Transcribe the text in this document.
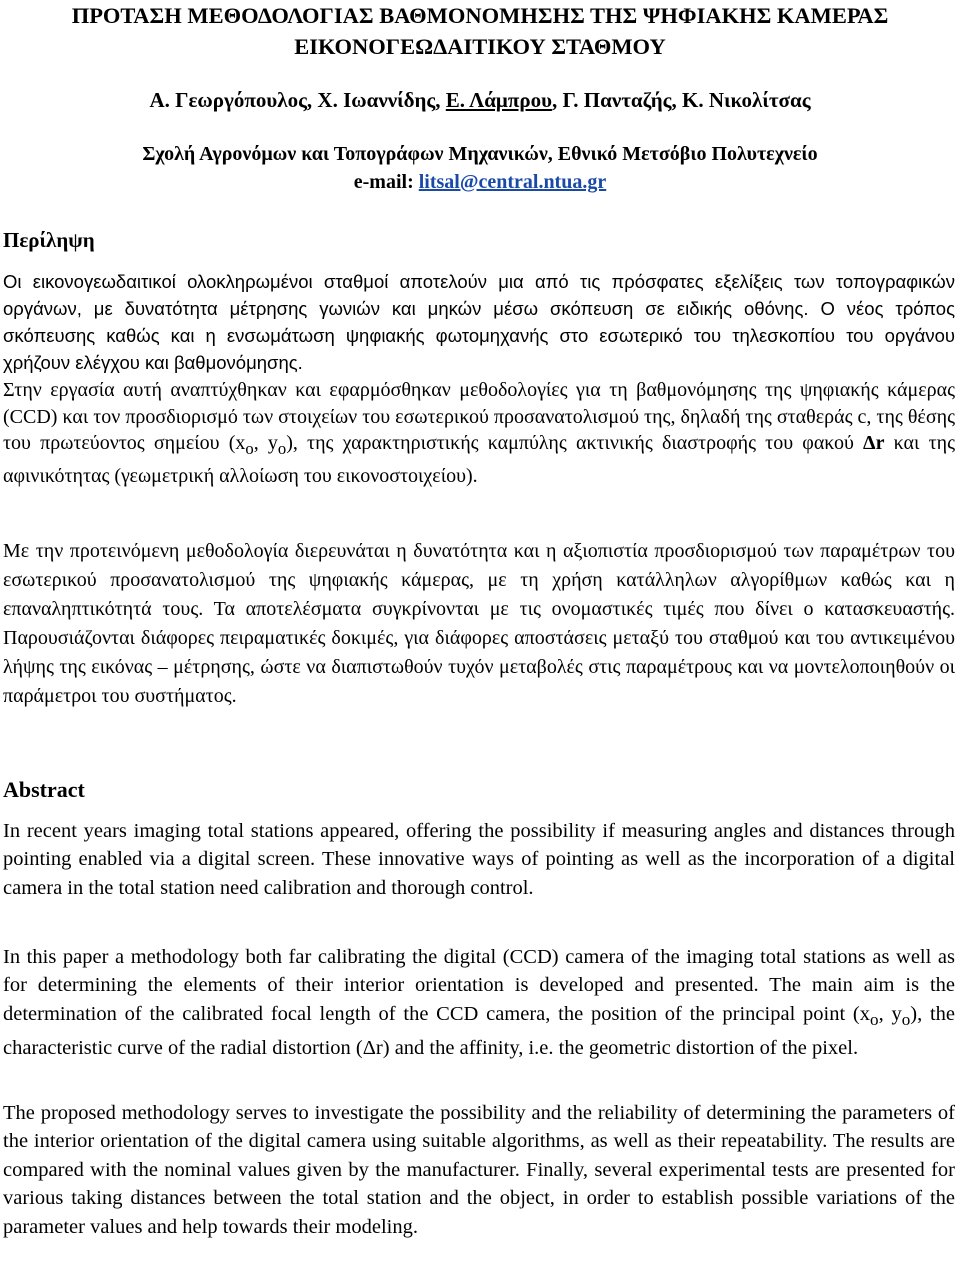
ΠΡΟΤΑΣΗ ΜΕΘΟΔΟΛΟΓΙΑΣ ΒΑΘΜΟΝΟΜΗΣΗΣ ΤΗΣ ΨΗΦΙΑΚΗΣ ΚΑΜΕΡΑΣ ΕΙΚΟΝΟΓΕΩΔΑΙΤΙΚΟΥ ΣΤΑΘΜΟΥ
Α. Γεωργόπουλος, Χ. Ιωαννίδης, Ε. Λάμπρου, Γ. Πανταζής, Κ. Νικολίτσας
Σχολή Αγρονόμων και Τοπογράφων Μηχανικών, Εθνικό Μετσόβιο Πολυτεχνείο
e-mail: litsal@central.ntua.gr
Περίληψη

Οι εικονογεωδαιτικοί ολοκληρωμένοι σταθμοί αποτελούν μια από τις πρόσφατες εξελίξεις των τοπογραφικών οργάνων, με δυνατότητα μέτρησης γωνιών και μηκών μέσω σκόπευση σε ειδικής οθόνης. Ο νέος τρόπος σκόπευσης καθώς και η ενσωμάτωση ψηφιακής φωτομηχανής στο εσωτερικό του τηλεσκοπίου του οργάνου χρήζουν ελέγχου και βαθμονόμησης.

Στην εργασία αυτή αναπτύχθηκαν και εφαρμόσθηκαν μεθοδολογίες για τη βαθμονόμησης της ψηφιακής κάμερας (CCD) και τον προσδιορισμό των στοιχείων του εσωτερικού προσανατολισμού της, δηλαδή της σταθεράς c, της θέσης του πρωτεύοντος σημείου ($x_o$, $y_o$), της χαρακτηριστικής καμπύλης ακτινικής διαστροφής του φακού Δr και της αφινικότητας (γεωμετρική αλλοίωση του εικονοστοιχείου).

Με την προτεινόμενη μεθοδολογία διερευνάται η δυνατότητα και η αξιοπιστία προσδιορισμού των παραμέτρων του εσωτερικού προσανατολισμού της ψηφιακής κάμερας, με τη χρήση κατάλληλων αλγορίθμων καθώς και η επαναληπτικότητά τους. Τα αποτελέσματα συγκρίνονται με τις ονομαστικές τιμές που δίνει ο κατασκευαστής. Παρουσιάζονται διάφορες πειραματικές δοκιμές, για διάφορες αποστάσεις μεταξύ του σταθμού και του αντικειμένου λήψης της εικόνας – μέτρησης, ώστε να διαπιστωθούν τυχόν μεταβολές στις παραμέτρους και να μοντελοποιηθούν οι παράμετροι του συστήματος.

Abstract

In recent years imaging total stations appeared, offering the possibility if measuring angles and distances through pointing enabled via a digital screen. These innovative ways of pointing as well as the incorporation of a digital camera in the total station need calibration and thorough control.

In this paper a methodology both far calibrating the digital (CCD) camera of the imaging total stations as well as for determining the elements of their interior orientation is developed and presented. The main aim is the determination of the calibrated focal length of the CCD camera, the position of the principal point ($x_o$, $y_o$), the characteristic curve of the radial distortion (Δr) and the affinity, i.e. the geometric distortion of the pixel.

The proposed methodology serves to investigate the possibility and the reliability of determining the parameters of the interior orientation of the digital camera using suitable algorithms, as well as their repeatability. The results are compared with the nominal values given by the manufacturer. Finally, several experimental tests are presented for various taking distances between the total station and the object, in order to establish possible variations of the parameter values and help towards their modeling.
